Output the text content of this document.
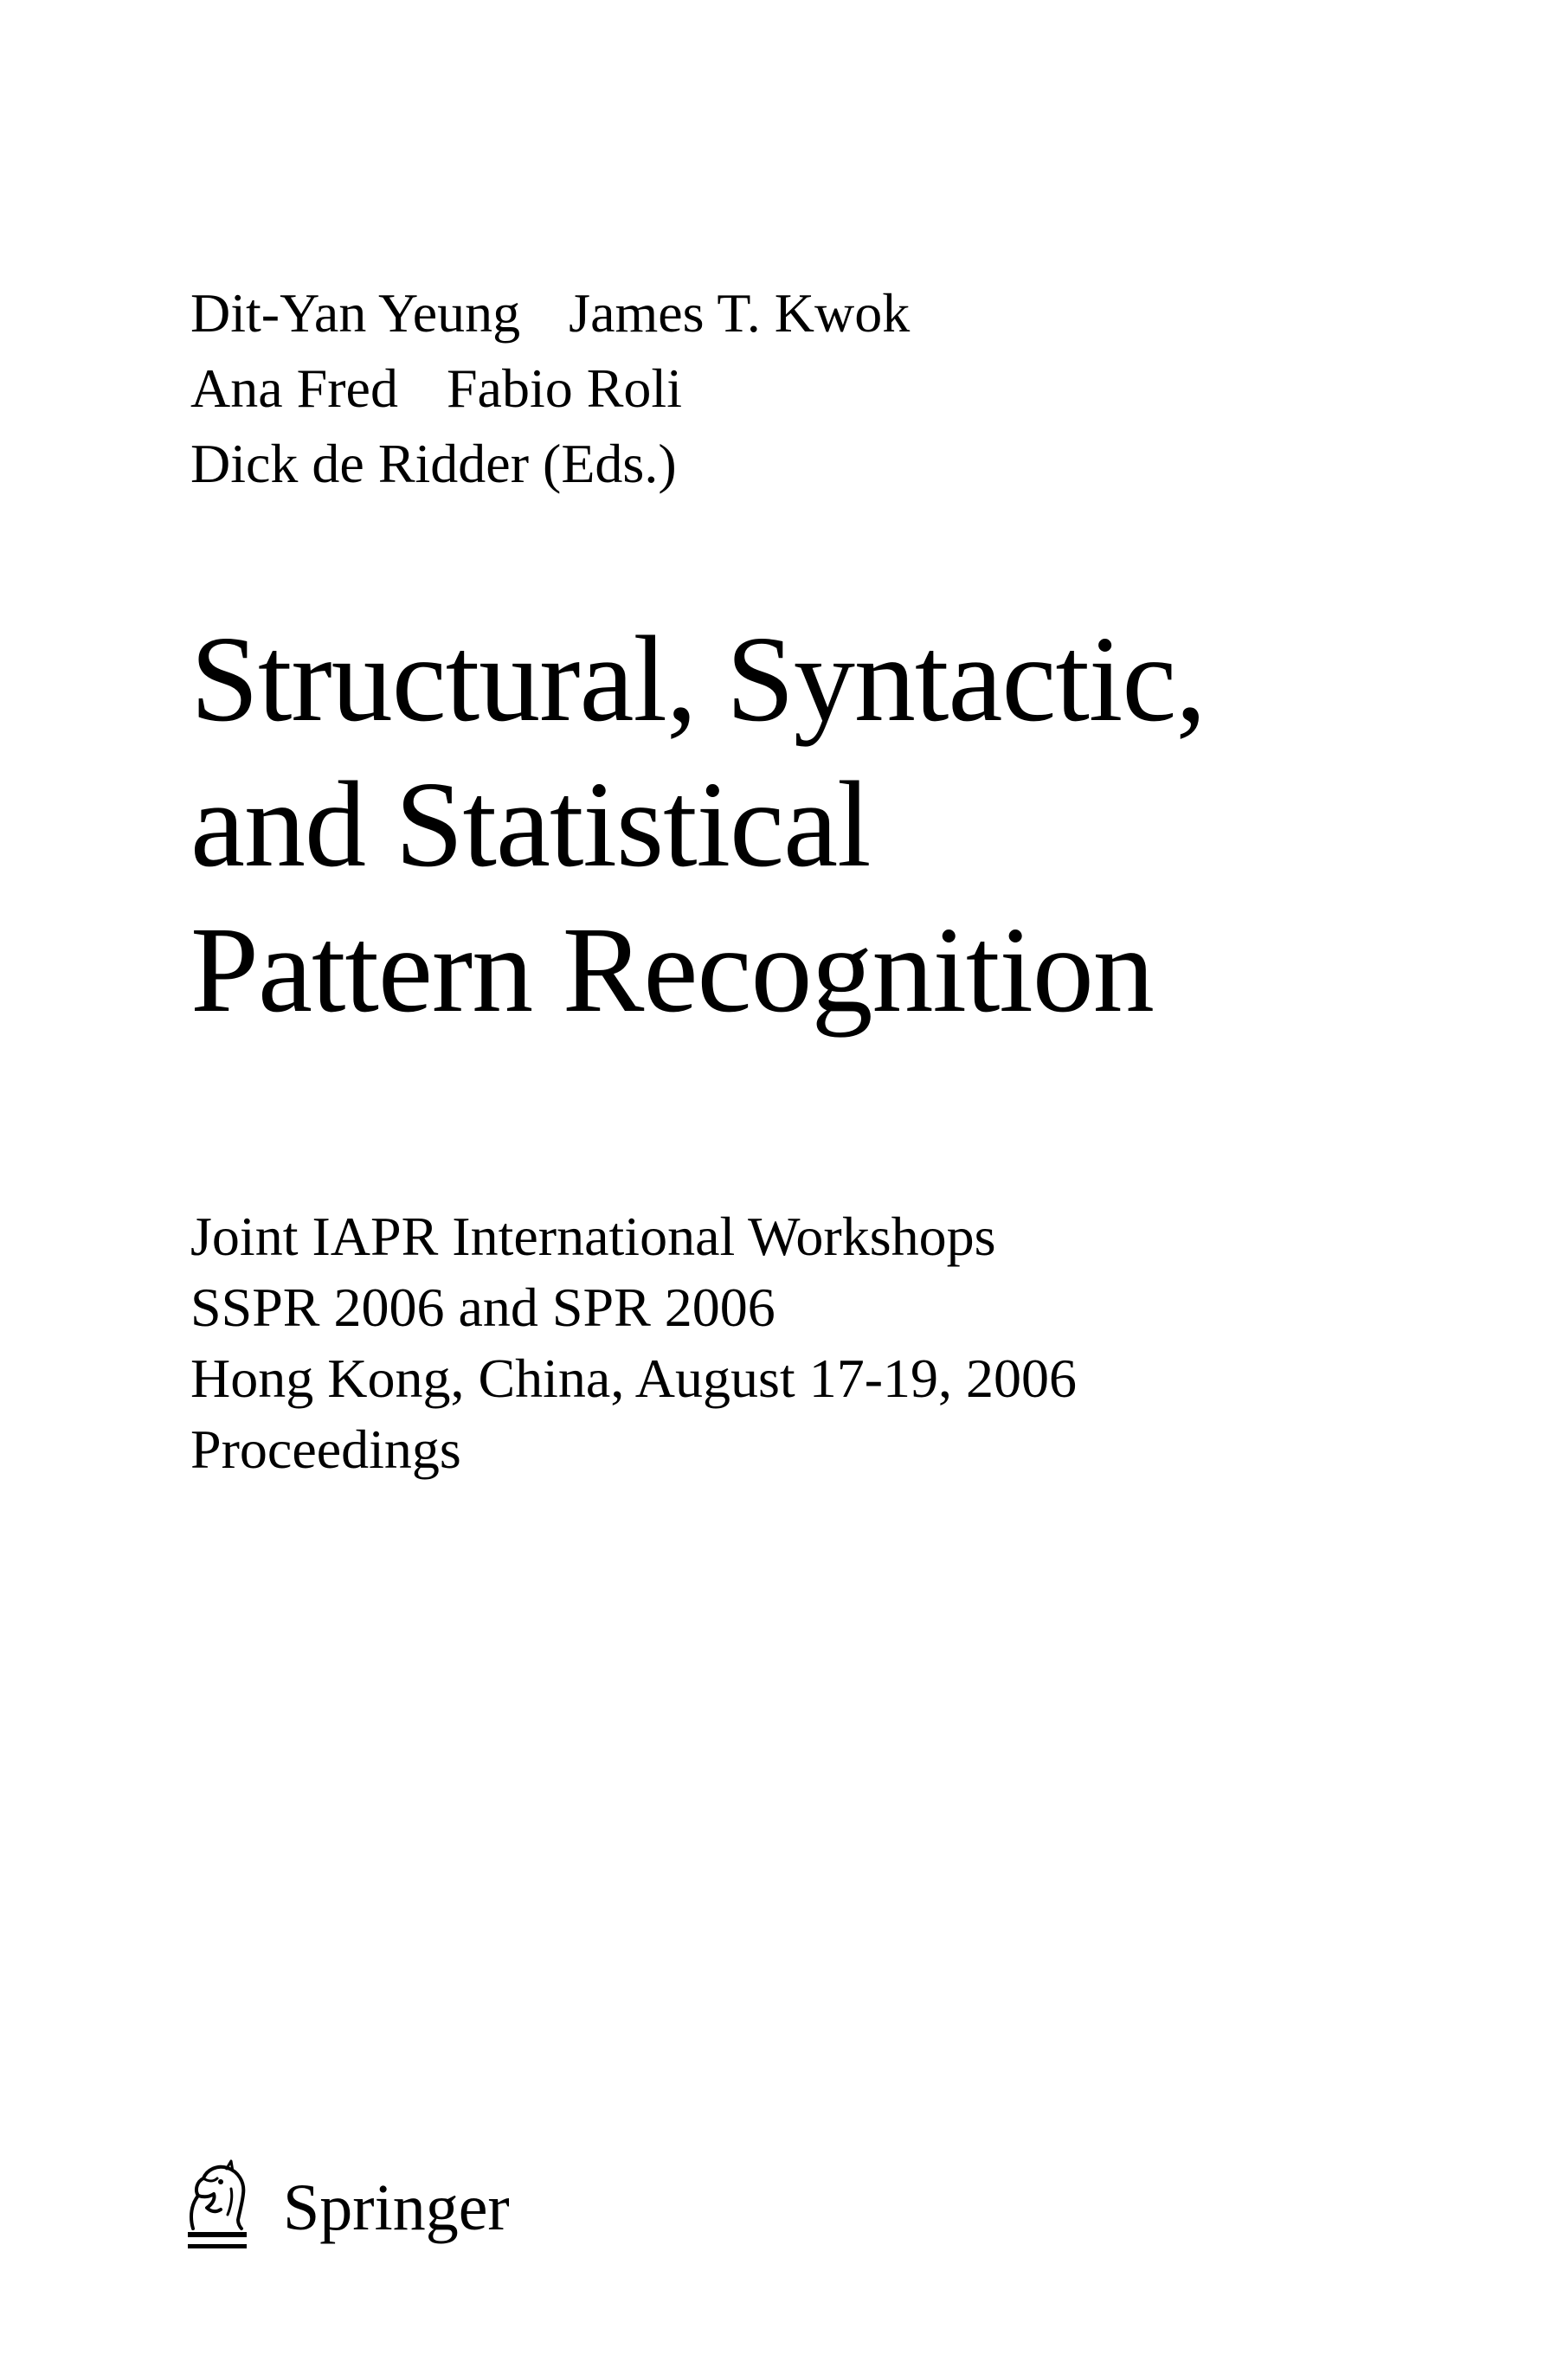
Dit-Yan Yeung James T. Kwok
Ana Fred Fabio Roli
Dick de Ridder (Eds.)
Structural, Syntactic,
and Statistical
Pattern Recognition
Joint IAPR International Workshops
SSPR 2006 and SPR 2006
Hong Kong, China, August 17-19, 2006
Proceedings
Springer
